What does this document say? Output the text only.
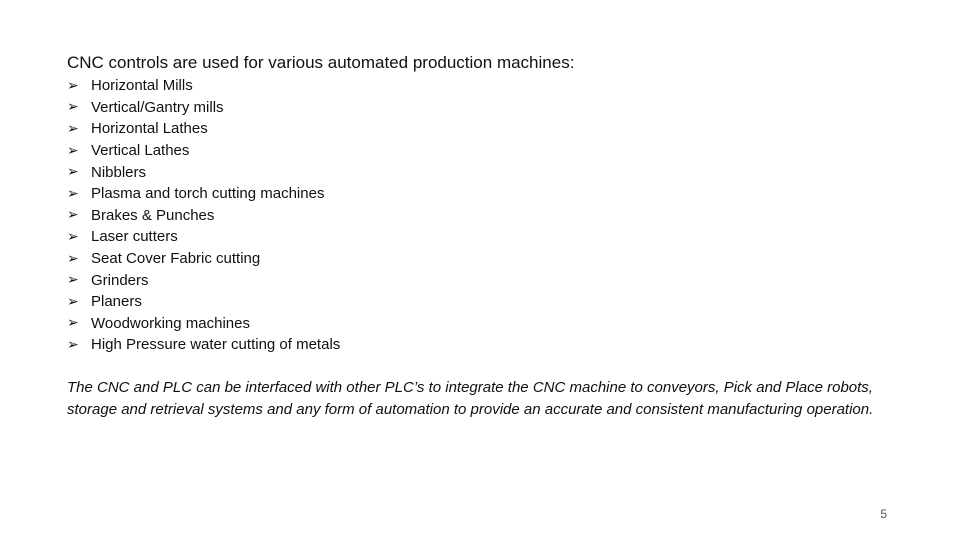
CNC controls are used for various automated production machines:
➢ Horizontal Mills
➢ Vertical/Gantry mills
➢ Horizontal Lathes
➢ Vertical Lathes
➢ Nibblers
➢ Plasma and torch cutting machines
➢ Brakes & Punches
➢ Laser cutters
➢ Seat Cover Fabric cutting
➢ Grinders
➢ Planers
➢ Woodworking machines
➢ High Pressure water cutting of metals

The CNC and PLC can be interfaced with other PLC’s to integrate the CNC machine to conveyors, Pick and Place robots, storage and retrieval systems and any form of automation to provide an accurate and consistent manufacturing operation.

5
